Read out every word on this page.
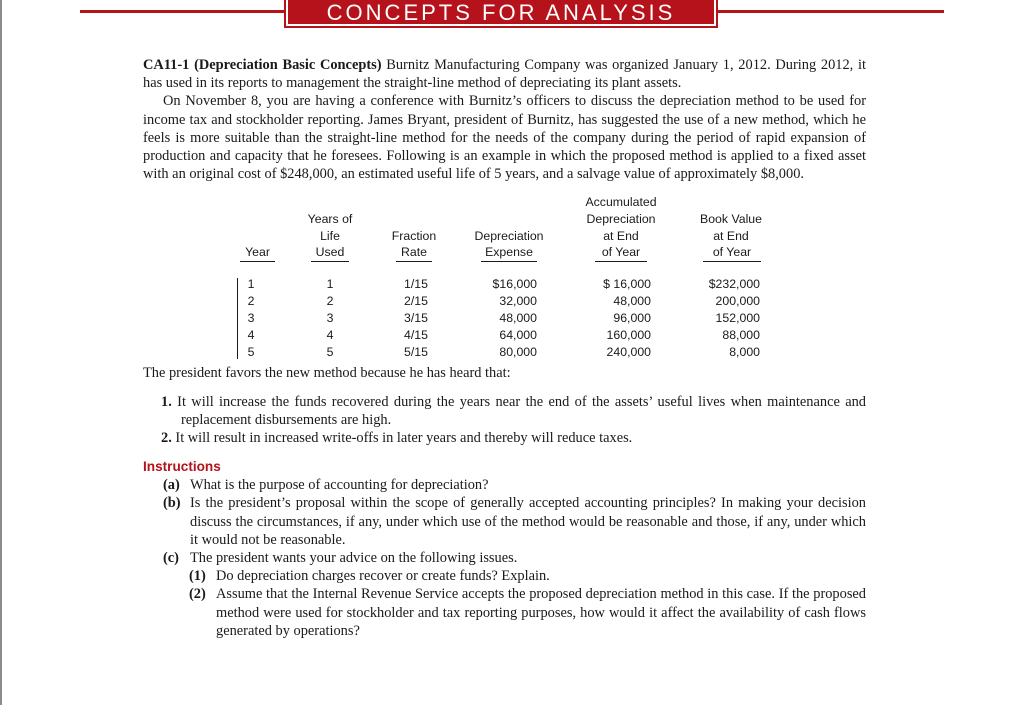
CONCEPTS FOR ANALYSIS

CA11-1 (Depreciation Basic Concepts) Burnitz Manufacturing Company was organized January 1, 2012. During 2012, it has used in its reports to management the straight-line method of depreciating its plant assets.

On November 8, you are having a conference with Burnitz’s officers to discuss the depreciation method to be used for income tax and stockholder reporting. James Bryant, president of Burnitz, has suggested the use of a new method, which he feels is more suitable than the straight-line method for the needs of the company during the period of rapid expansion of production and capacity that he foresees. Following is an example in which the proposed method is applied to a fixed asset with an original cost of $248,000, an estimated useful life of 5 years, and a salvage value of approximately $8,000.

Years of
Life
Used
Year
Fraction
Rate
Depreciation
Expense
Accumulated
Depreciation
at End
of Year
Book Value
at End
of Year
1
2
3
4
5
1
2
3
4
5
1/15
2/15
3/15
4/15
5/15
$16,000
32,000
48,000
64,000
80,000
$ 16,000
48,000
96,000
160,000
240,000
$232,000
200,000
152,000
88,000
8,000

The president favors the new method because he has heard that:

1. It will increase the funds recovered during the years near the end of the assets’ useful lives when maintenance and replacement disbursements are high.
2. It will result in increased write-offs in later years and thereby will reduce taxes.
Instructions
(a) What is the purpose of accounting for depreciation?
(b) Is the president’s proposal within the scope of generally accepted accounting principles? In making your decision discuss the circumstances, if any, under which use of the method would be reasonable and those, if any, under which it would not be reasonable.
(c) The president wants your advice on the following issues.
(1) Do depreciation charges recover or create funds? Explain.
(2) Assume that the Internal Revenue Service accepts the proposed depreciation method in this case. If the proposed method were used for stockholder and tax reporting purposes, how would it affect the availability of cash flows generated by operations?
